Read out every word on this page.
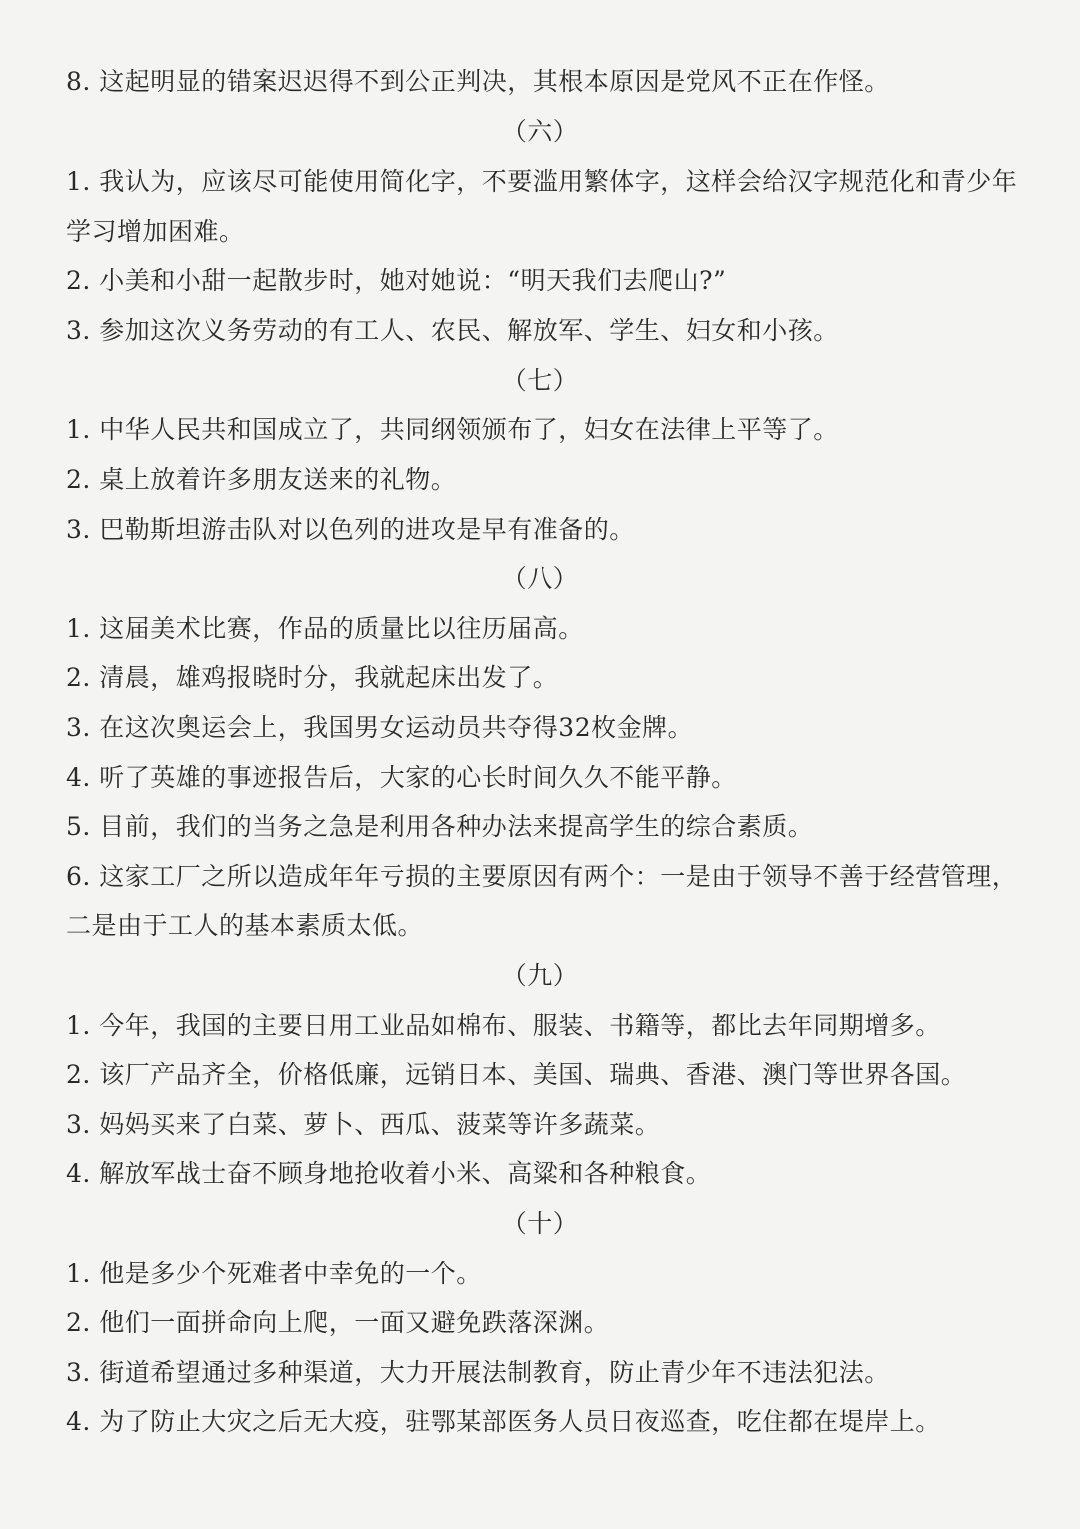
8. 这起明显的错案迟迟得不到公正判决，其根本原因是党风不正在作怪。
（六）
1. 我认为，应该尽可能使用简化字，不要滥用繁体字，这样会给汉字规范化和青少年
学习增加困难。
2. 小美和小甜一起散步时，她对她说：“明天我们去爬山?”
3. 参加这次义务劳动的有工人、农民、解放军、学生、妇女和小孩。
（七）
1. 中华人民共和国成立了，共同纲领颁布了，妇女在法律上平等了。
2. 桌上放着许多朋友送来的礼物。
3. 巴勒斯坦游击队对以色列的进攻是早有准备的。
（八）
1. 这届美术比赛，作品的质量比以往历届高。
2. 清晨，雄鸡报晓时分，我就起床出发了。
3. 在这次奥运会上，我国男女运动员共夺得32枚金牌。
4. 听了英雄的事迹报告后，大家的心长时间久久不能平静。
5. 目前，我们的当务之急是利用各种办法来提高学生的综合素质。
6. 这家工厂之所以造成年年亏损的主要原因有两个：一是由于领导不善于经营管理，
二是由于工人的基本素质太低。
（九）
1. 今年，我国的主要日用工业品如棉布、服装、书籍等，都比去年同期增多。
2. 该厂产品齐全，价格低廉，远销日本、美国、瑞典、香港、澳门等世界各国。
3. 妈妈买来了白菜、萝卜、西瓜、菠菜等许多蔬菜。
4. 解放军战士奋不顾身地抢收着小米、高粱和各种粮食。
（十）
1. 他是多少个死难者中幸免的一个。
2. 他们一面拼命向上爬，一面又避免跌落深渊。
3. 街道希望通过多种渠道，大力开展法制教育，防止青少年不违法犯法。
4. 为了防止大灾之后无大疫，驻鄂某部医务人员日夜巡查，吃住都在堤岸上。
